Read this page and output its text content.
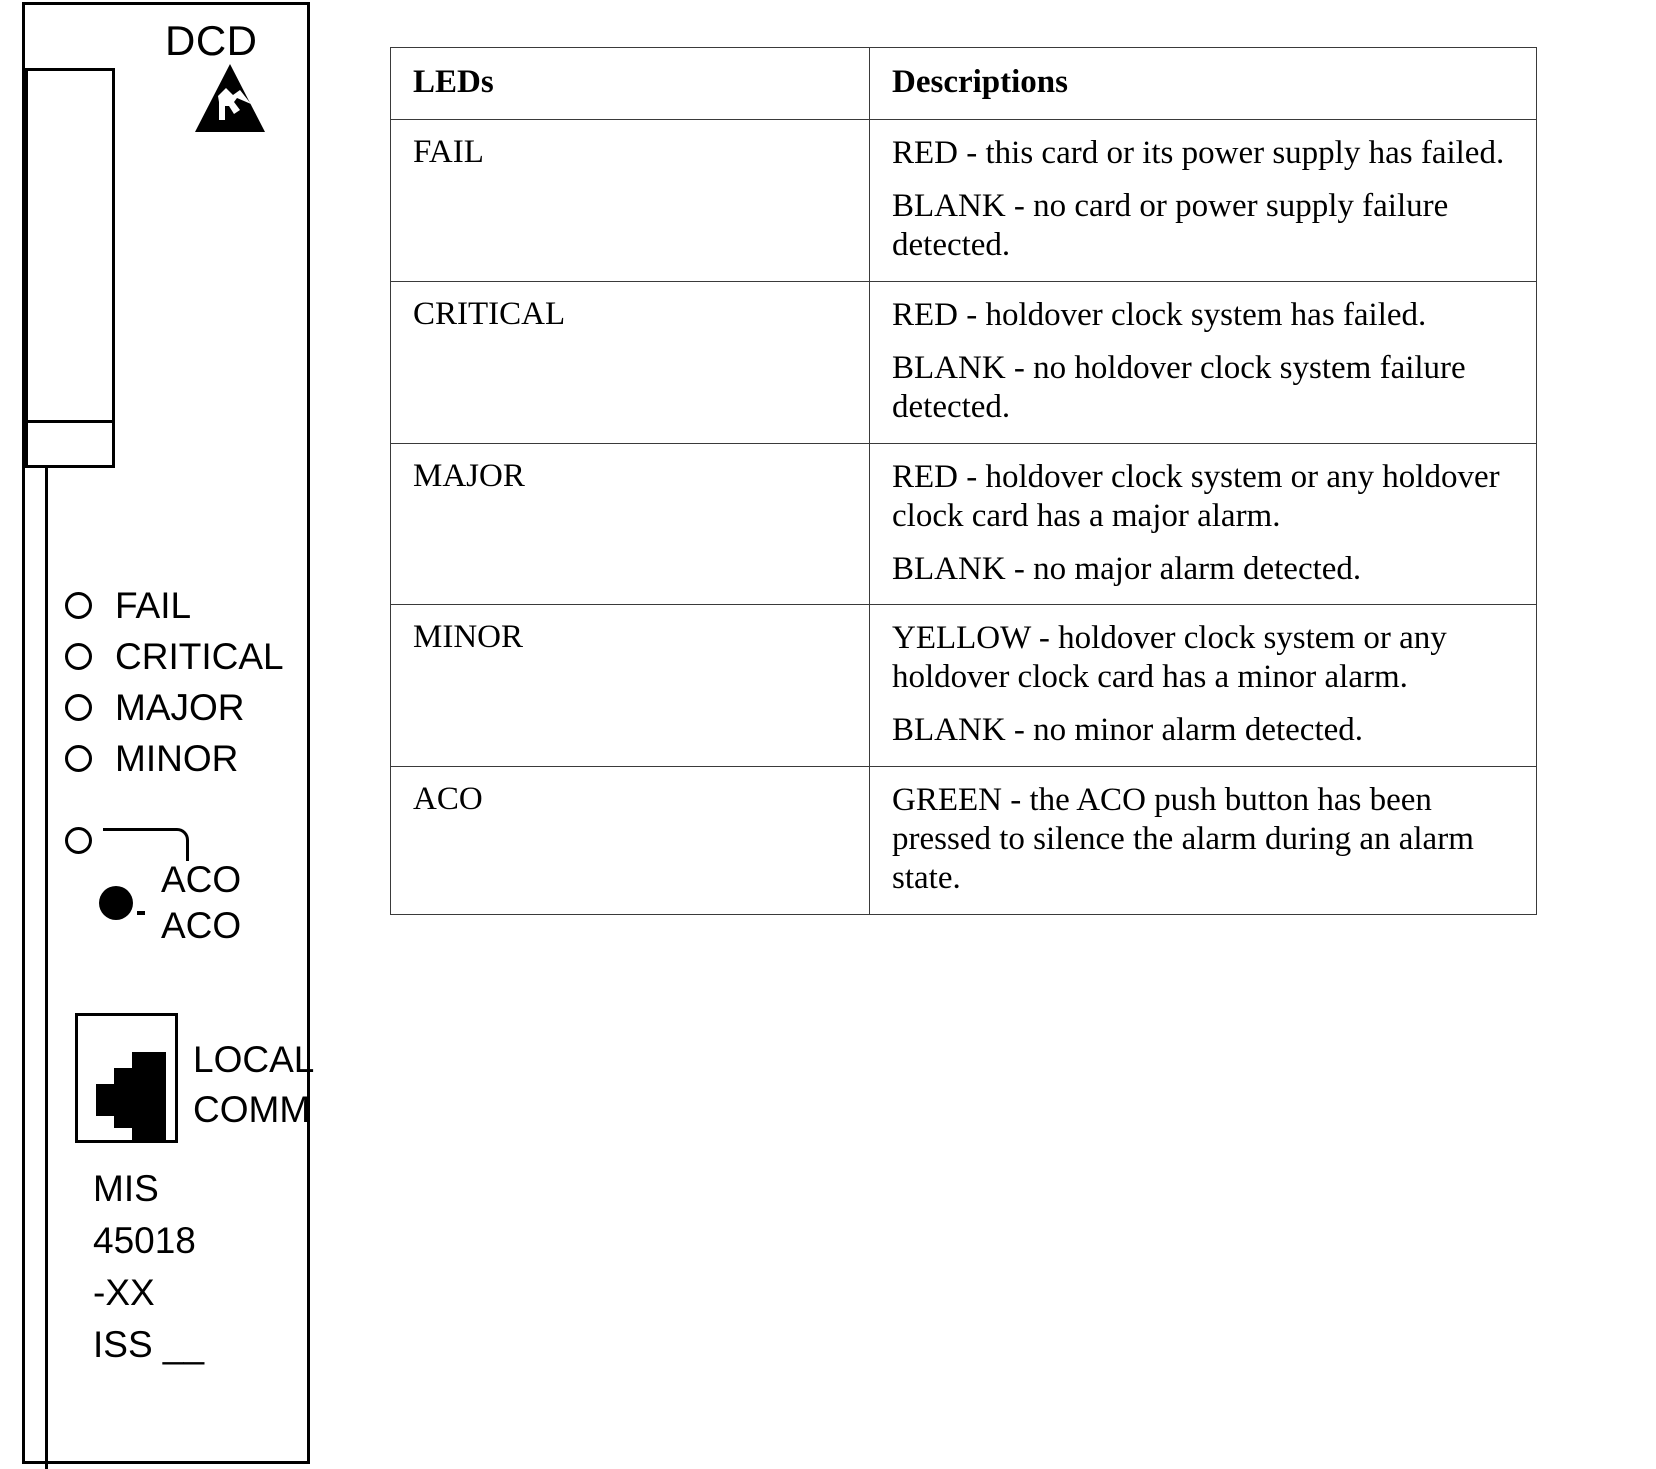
DCD
FAIL
CRITICAL
MAJOR
MINOR
ACO
ACO
LOCAL
COMM
MIS
45018
-XX
ISS __
LEDs	Descriptions
FAIL	RED - this card or its power supply has failed.

BLANK - no card or power supply failure detected.

CRITICAL	RED - holdover clock system has failed.

BLANK - no holdover clock system failure detected.

MAJOR	RED - holdover clock system or any holdover clock card has a major alarm.

BLANK - no major alarm detected.

MINOR	YELLOW - holdover clock system or any holdover clock card has a minor alarm.

BLANK - no minor alarm detected.

ACO	GREEN - the ACO push button has been pressed to silence the alarm during an alarm state.
